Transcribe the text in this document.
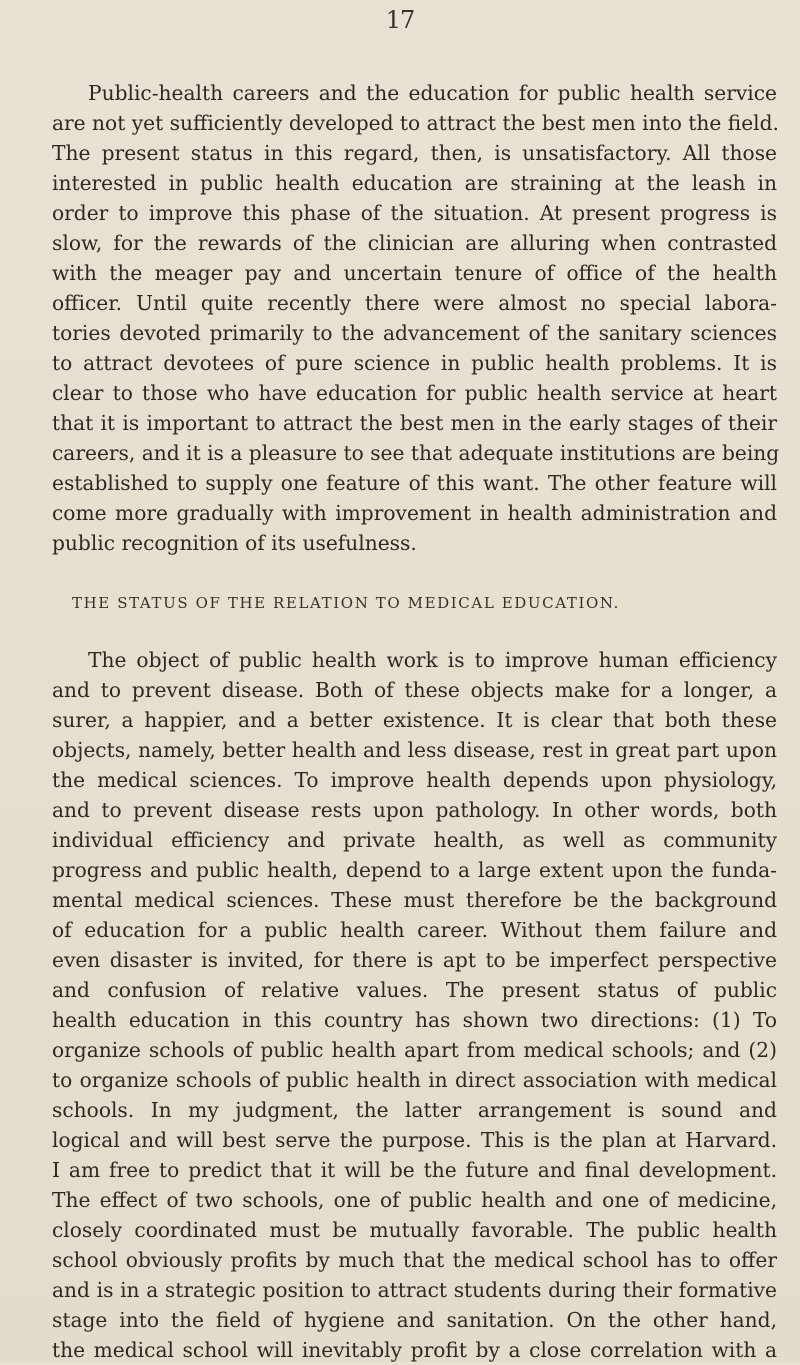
17
Public-health careers and the education for public health service
are not yet sufficiently developed to attract the best men into the field.
The present status in this regard, then, is unsatisfactory. All those
interested in public health education are straining at the leash in
order to improve this phase of the situation. At present progress is
slow, for the rewards of the clinician are alluring when contrasted
with the meager pay and uncertain tenure of office of the health
officer. Until quite recently there were almost no special labora-
tories devoted primarily to the advancement of the sanitary sciences
to attract devotees of pure science in public health problems. It is
clear to those who have education for public health service at heart
that it is important to attract the best men in the early stages of their
careers, and it is a pleasure to see that adequate institutions are being
established to supply one feature of this want. The other feature will
come more gradually with improvement in health administration and
public recognition of its usefulness.
THE STATUS OF THE RELATION TO MEDICAL EDUCATION.
The object of public health work is to improve human efficiency
and to prevent disease. Both of these objects make for a longer, a
surer, a happier, and a better existence. It is clear that both these
objects, namely, better health and less disease, rest in great part upon
the medical sciences. To improve health depends upon physiology,
and to prevent disease rests upon pathology. In other words, both
individual efficiency and private health, as well as community
progress and public health, depend to a large extent upon the funda-
mental medical sciences. These must therefore be the background
of education for a public health career. Without them failure and
even disaster is invited, for there is apt to be imperfect perspective
and confusion of relative values. The present status of public
health education in this country has shown two directions: (1) To
organize schools of public health apart from medical schools; and (2)
to organize schools of public health in direct association with medical
schools. In my judgment, the latter arrangement is sound and
logical and will best serve the purpose. This is the plan at Harvard.
I am free to predict that it will be the future and final development.
The effect of two schools, one of public health and one of medicine,
closely coordinated must be mutually favorable. The public health
school obviously profits by much that the medical school has to offer
and is in a strategic position to attract students during their formative
stage into the field of hygiene and sanitation. On the other hand,
the medical school will inevitably profit by a close correlation with a
